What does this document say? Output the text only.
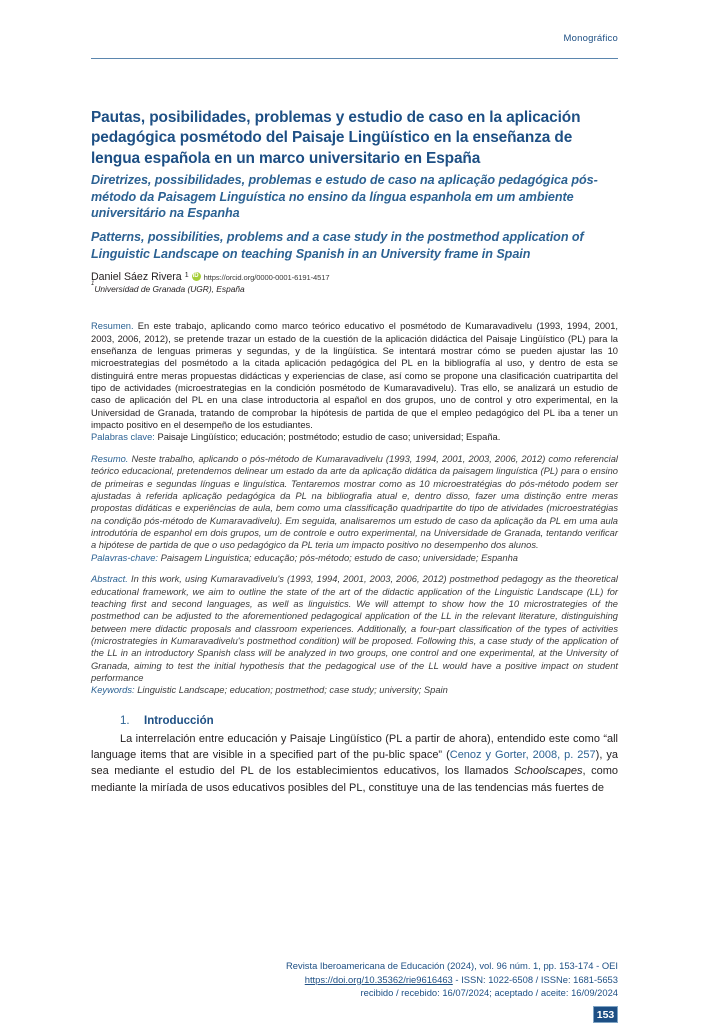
Monográfico
Pautas, posibilidades, problemas y estudio de caso en la aplicación pedagógica posmétodo del Paisaje Lingüístico en la enseñanza de lengua española en un marco universitario en España
Diretrizes, possibilidades, problemas e estudo de caso na aplicação pedagógica pós-método da Paisagem Linguística no ensino da língua espanhola em um ambiente universitário na Espanha
Patterns, possibilities, problems and a case study in the postmethod application of Linguistic Landscape on teaching Spanish in an University frame in Spain
Daniel Sáez Rivera 1 iD https://orcid.org/0000-0001-6191-4517
$^1$Universidad de Granada (UGR), España

Resumen. En este trabajo, aplicando como marco teórico educativo el posmétodo de Kumaravadivelu (1993, 1994, 2001, 2003, 2006, 2012), se pretende trazar un estado de la cuestión de la aplicación didáctica del Paisaje Lingüístico (PL) para la enseñanza de lenguas primeras y segundas, y de la lingüística. Se intentará mostrar cómo se pueden ajustar las 10 microestrategias del posmétodo a la citada aplicación pedagógica del PL en la bibliografía al uso, y dentro de esta se distinguirá entre meras propuestas didácticas y experiencias de clase, así como se propone una clasificación cuatripartita del tipo de actividades (microestrategias en la condición posmétodo de Kumaravadivelu). Tras ello, se analizará un estudio de caso de aplicación del PL en una clase introductoria al español en dos grupos, uno de control y otro experimental, en la Universidad de Granada, tratando de comprobar la hipótesis de partida de que el empleo pedagógico del PL iba a tener un impacto positivo en el desempeño de los estudiantes.

Palabras clave: Paisaje Lingüístico; educación; postmétodo; estudio de caso; universidad; España.

Resumo. Neste trabalho, aplicando o pós-método de Kumaravadivelu (1993, 1994, 2001, 2003, 2006, 2012) como referencial teórico educacional, pretendemos delinear um estado da arte da aplicação didática da paisagem linguística (PL) para o ensino de primeiras e segundas línguas e linguística. Tentaremos mostrar como as 10 microestratégias do pós-método podem ser ajustadas à referida aplicação pedagógica da PL na bibliografia atual e, dentro disso, fazer uma distinção entre meras propostas didáticas e experiências de aula, bem como uma classificação quadripartite do tipo de atividades (microestratégias na condição pós-método de Kumaravadivelu). Em seguida, analisaremos um estudo de caso da aplicação da PL em uma aula introdutória de espanhol em dois grupos, um de controle e outro experimental, na Universidade de Granada, tentando verificar a hipótese de partida de que o uso pedagógico da PL teria um impacto positivo no desempenho dos alunos.

Palavras-chave: Paisagem Linguistica; educação; pós-método; estudo de caso; universidade; Espanha

Abstract. In this work, using Kumaravadivelu's (1993, 1994, 2001, 2003, 2006, 2012) postmethod pedagogy as the theoretical educational framework, we aim to outline the state of the art of the didactic application of the Linguistic Landscape (LL) for teaching first and second languages, as well as linguistics. We will attempt to show how the 10 microstrategies of the postmethod can be adjusted to the aforementioned pedagogical application of the LL in the relevant literature, distinguishing between mere didactic proposals and classroom experiences. Additionally, a four-part classification of the types of activities (microstrategies in Kumaravadivelu's postmethod condition) will be proposed. Following this, a case study of the application of the LL in an introductory Spanish class will be analyzed in two groups, one control and one experimental, at the University of Granada, aiming to test the initial hypothesis that the pedagogical use of the LL would have a positive impact on student performance

Keywords: Linguistic Landscape; education; postmethod; case study; university; Spain

1.	Introducción

La interrelación entre educación y Paisaje Lingüístico (PL a partir de ahora), entendido este como “all language items that are visible in a specified part of the pu-blic space” (Cenoz y Gorter, 2008, p. 257), ya sea mediante el estudio del PL de los establecimientos educativos, los llamados Schoolscapes, como mediante la miríada de usos educativos posibles del PL, constituye una de las tendencias más fuertes de

Revista Iberoamericana de Educación (2024), vol. 96 núm. 1, pp. 153-174 - OEI
https://doi.org/10.35362/rie9616463 - ISSN: 1022-6508 / ISSNe: 1681-5653
recibido / recebido: 16/07/2024; aceptado / aceite: 16/09/2024
153
